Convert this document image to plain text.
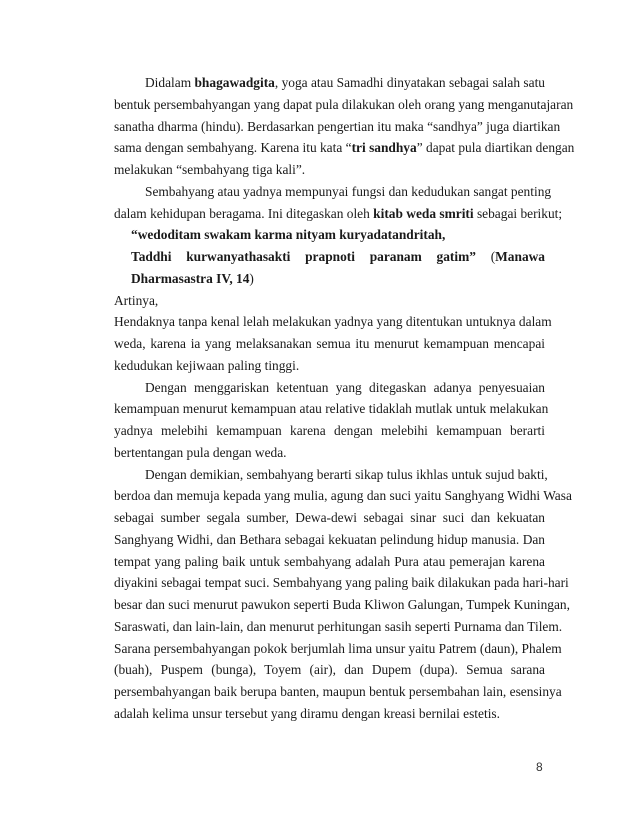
Didalam bhagawadgita, yoga atau Samadhi dinyatakan sebagai salah satu
bentuk persembahyangan yang dapat pula dilakukan oleh orang yang menganutajaran
sanatha dharma (hindu). Berdasarkan pengertian itu maka “sandhya” juga diartikan
sama dengan sembahyang. Karena itu kata “tri sandhya” dapat pula diartikan dengan
melakukan “sembahyang tiga kali”.
Sembahyang atau yadnya mempunyai fungsi dan kedudukan sangat penting
dalam kehidupan beragama. Ini ditegaskan oleh kitab weda smriti sebagai berikut;
“wedoditam swakam karma nityam kuryadatandritah,
Taddhi kurwanyathasakti prapnoti paranam gatim” (Manawa
Dharmasastra IV, 14)
Artinya,
Hendaknya tanpa kenal lelah melakukan yadnya yang ditentukan untuknya dalam
weda, karena ia yang melaksanakan semua itu menurut kemampuan mencapai
kedudukan kejiwaan paling tinggi.
Dengan menggariskan ketentuan yang ditegaskan adanya penyesuaian
kemampuan menurut kemampuan atau relative tidaklah mutlak untuk melakukan
yadnya melebihi kemampuan karena dengan melebihi kemampuan berarti
bertentangan pula dengan weda.
Dengan demikian, sembahyang berarti sikap tulus ikhlas untuk sujud bakti,
berdoa dan memuja kepada yang mulia, agung dan suci yaitu Sanghyang Widhi Wasa
sebagai sumber segala sumber, Dewa-dewi sebagai sinar suci dan kekuatan
Sanghyang Widhi, dan Bethara sebagai kekuatan pelindung hidup manusia. Dan
tempat yang paling baik untuk sembahyang adalah Pura atau pemerajan karena
diyakini sebagai tempat suci. Sembahyang yang paling baik dilakukan pada hari-hari
besar dan suci menurut pawukon seperti Buda Kliwon Galungan, Tumpek Kuningan,
Saraswati, dan lain-lain, dan menurut perhitungan sasih seperti Purnama dan Tilem.
Sarana persembahyangan pokok berjumlah lima unsur yaitu Patrem (daun), Phalem
(buah), Puspem (bunga), Toyem (air), dan Dupem (dupa). Semua sarana
persembahyangan baik berupa banten, maupun bentuk persembahan lain, esensinya
adalah kelima unsur tersebut yang diramu dengan kreasi bernilai estetis.
8
